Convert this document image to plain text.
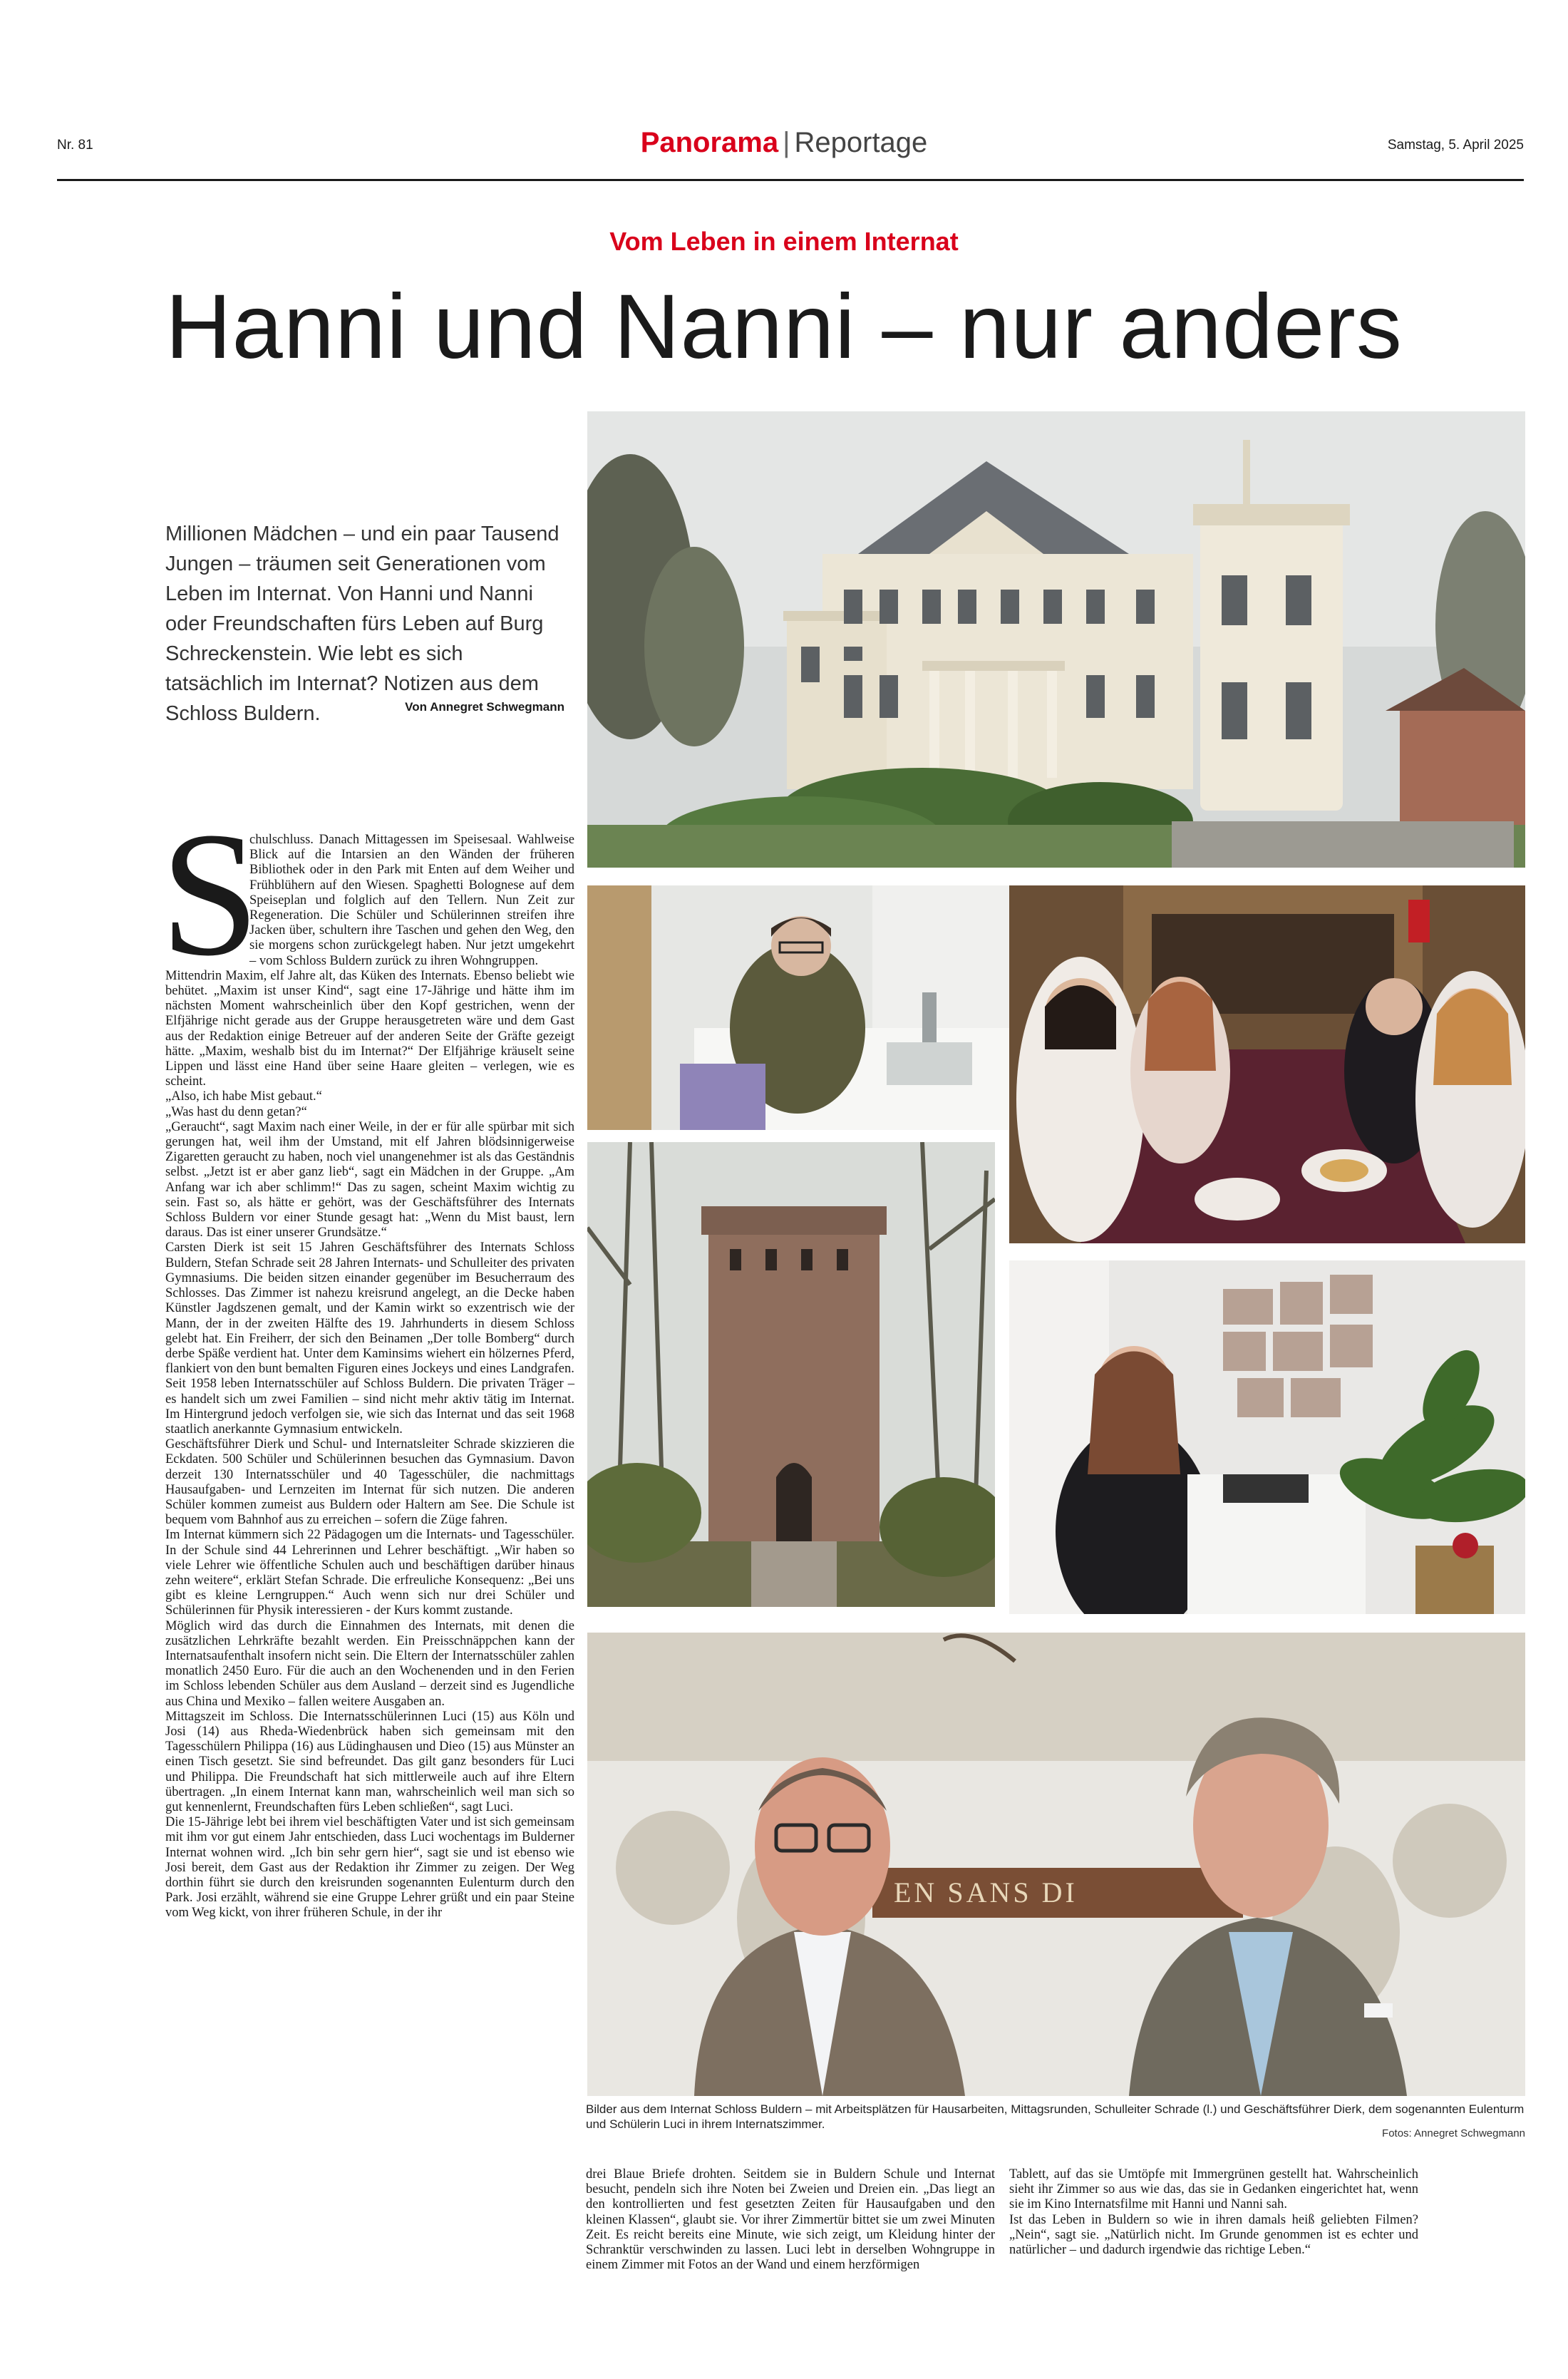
Nr. 81	Panorama | Reportage	Samstag, 5. April 2025
Vom Leben in einem Internat
Hanni und Nanni – nur anders
Millionen Mädchen – und ein paar Tausend Jungen – träumen seit Generationen vom Leben im Internat. Von Hanni und Nanni oder Freundschaften fürs Leben auf Burg Schreckenstein. Wie lebt es sich tatsächlich im Internat? Notizen aus dem Schloss Buldern.	Von Annegret Schwegmann
EN SANS DI
Bilder aus dem Internat Schloss Buldern – mit Arbeitsplätzen für Hausarbeiten, Mittagsrunden, Schulleiter Schrade (l.) und Geschäftsführer Dierk, dem sogenannten Eulenturm und Schülerin Luci in ihrem Internatszimmer.
Fotos: Annegret Schwegmann
S

chulschluss. Danach Mittagessen im Speisesaal. Wahlweise Blick auf die Intarsien an den Wänden der früheren Bibliothek oder in den Park mit Enten auf dem Weiher und Frühblühern auf den Wiesen. Spaghetti Bolognese auf dem Speiseplan und folglich auf den Tellern. Nun Zeit zur Regeneration. Die Schüler und Schülerinnen streifen ihre Jacken über, schultern ihre Taschen und gehen den Weg, den sie morgens schon zurückgelegt haben. Nur jetzt umgekehrt – vom Schloss Buldern zurück zu ihren Wohngruppen.

Mittendrin Maxim, elf Jahre alt, das Küken des Internats. Ebenso beliebt wie behütet. „Maxim ist unser Kind“, sagt eine 17-Jährige und hätte ihm im nächsten Moment wahrscheinlich über den Kopf gestrichen, wenn der Elfjährige nicht gerade aus der Gruppe herausgetreten wäre und dem Gast aus der Redaktion einige Betreuer auf der anderen Seite der Gräfte gezeigt hätte. „Maxim, weshalb bist du im Internat?“ Der Elfjährige kräuselt seine Lippen und lässt eine Hand über seine Haare gleiten – verlegen, wie es scheint.

„Also, ich habe Mist gebaut.“

„Was hast du denn getan?“

„Geraucht“, sagt Maxim nach einer Weile, in der er für alle spürbar mit sich gerungen hat, weil ihm der Umstand, mit elf Jahren blödsinnigerweise Zigaretten geraucht zu haben, noch viel unangenehmer ist als das Geständnis selbst. „Jetzt ist er aber ganz lieb“, sagt ein Mädchen in der Gruppe. „Am Anfang war ich aber schlimm!“ Das zu sagen, scheint Maxim wichtig zu sein. Fast so, als hätte er gehört, was der Geschäftsführer des Internats Schloss Buldern vor einer Stunde gesagt hat: „Wenn du Mist baust, lern daraus. Das ist einer unserer Grundsätze.“

Carsten Dierk ist seit 15 Jahren Geschäftsführer des Internats Schloss Buldern, Stefan Schrade seit 28 Jahren Internats- und Schulleiter des privaten Gymnasiums. Die beiden sitzen einander gegenüber im Besucherraum des Schlosses. Das Zimmer ist nahezu kreisrund angelegt, an die Decke haben Künstler Jagdszenen gemalt, und der Kamin wirkt so exzentrisch wie der Mann, der in der zweiten Hälfte des 19. Jahrhunderts in diesem Schloss gelebt hat. Ein Freiherr, der sich den Beinamen „Der tolle Bomberg“ durch derbe Späße verdient hat. Unter dem Kaminsims wiehert ein hölzernes Pferd, flankiert von den bunt bemalten Figuren eines Jockeys und eines Landgrafen.

Seit 1958 leben Internatsschüler auf Schloss Buldern. Die privaten Träger – es handelt sich um zwei Familien – sind nicht mehr aktiv tätig im Internat. Im Hintergrund jedoch verfolgen sie, wie sich das Internat und das seit 1968 staatlich anerkannte Gymnasium entwickeln.

Geschäftsführer Dierk und Schul- und Internatsleiter Schrade skizzieren die Eckdaten. 500 Schüler und Schülerinnen besuchen das Gymnasium. Davon derzeit 130 Internatsschüler und 40 Tagesschüler, die nachmittags Hausaufgaben- und Lernzeiten im Internat für sich nutzen. Die anderen Schüler kommen zumeist aus Buldern oder Haltern am See. Die Schule ist bequem vom Bahnhof aus zu erreichen – sofern die Züge fahren.

Im Internat kümmern sich 22 Pädagogen um die Internats- und Tagesschüler. In der Schule sind 44 Lehrerinnen und Lehrer beschäftigt. „Wir haben so viele Lehrer wie öffentliche Schulen auch und beschäftigen darüber hinaus zehn weitere“, erklärt Stefan Schrade. Die erfreuliche Konsequenz: „Bei uns gibt es kleine Lerngruppen.“ Auch wenn sich nur drei Schüler und Schülerinnen für Physik interessieren - der Kurs kommt zustande.

Möglich wird das durch die Einnahmen des Internats, mit denen die zusätzlichen Lehrkräfte bezahlt werden. Ein Preisschnäppchen kann der Internatsaufenthalt insofern nicht sein. Die Eltern der Internatsschüler zahlen monatlich 2450 Euro. Für die auch an den Wochenenden und in den Ferien im Schloss lebenden Schüler aus dem Ausland – derzeit sind es Jugendliche aus China und Mexiko – fallen weitere Ausgaben an.

Mittagszeit im Schloss. Die Internatsschülerinnen Luci (15) aus Köln und Josi (14) aus Rheda-Wiedenbrück haben sich gemeinsam mit den Tagesschülern Philippa (16) aus Lüdinghausen und Dieo (15) aus Münster an einen Tisch gesetzt. Sie sind befreundet. Das gilt ganz besonders für Luci und Philippa. Die Freundschaft hat sich mittlerweile auch auf ihre Eltern übertragen. „In einem Internat kann man, wahrscheinlich weil man sich so gut kennenlernt, Freundschaften fürs Leben schließen“, sagt Luci.

Die 15-Jährige lebt bei ihrem viel beschäftigten Vater und ist sich gemeinsam mit ihm vor gut einem Jahr entschieden, dass Luci wochentags im Bulderner Internat wohnen wird. „Ich bin sehr gern hier“, sagt sie und ist ebenso wie Josi bereit, dem Gast aus der Redaktion ihr Zimmer zu zeigen. Der Weg dorthin führt sie durch den kreisrunden sogenannten Eulenturm durch den Park. Josi erzählt, während sie eine Gruppe Lehrer grüßt und ein paar Steine vom Weg kickt, von ihrer früheren Schule, in der ihr

drei Blaue Briefe drohten. Seitdem sie in Buldern Schule und Internat besucht, pendeln sich ihre Noten bei Zweien und Dreien ein. „Das liegt an den kontrollierten und fest gesetzten Zeiten für Hausaufgaben und den kleinen Klassen“, glaubt sie. Vor ihrer Zimmertür bittet sie um zwei Minuten Zeit. Es reicht bereits eine Minute, wie sich zeigt, um Kleidung hinter der Schranktür verschwinden zu lassen. Luci lebt in derselben Wohngruppe in einem Zimmer mit Fotos an der Wand und einem herzförmigen

Tablett, auf das sie Umtöpfe mit Immergrünen gestellt hat. Wahrscheinlich sieht ihr Zimmer so aus wie das, das sie in Gedanken eingerichtet hat, wenn sie im Kino Internatsfilme mit Hanni und Nanni sah.

Ist das Leben in Buldern so wie in ihren damals heiß geliebten Filmen? „Nein“, sagt sie. „Natürlich nicht. Im Grunde genommen ist es echter und natürlicher – und dadurch irgendwie das richtige Leben.“
